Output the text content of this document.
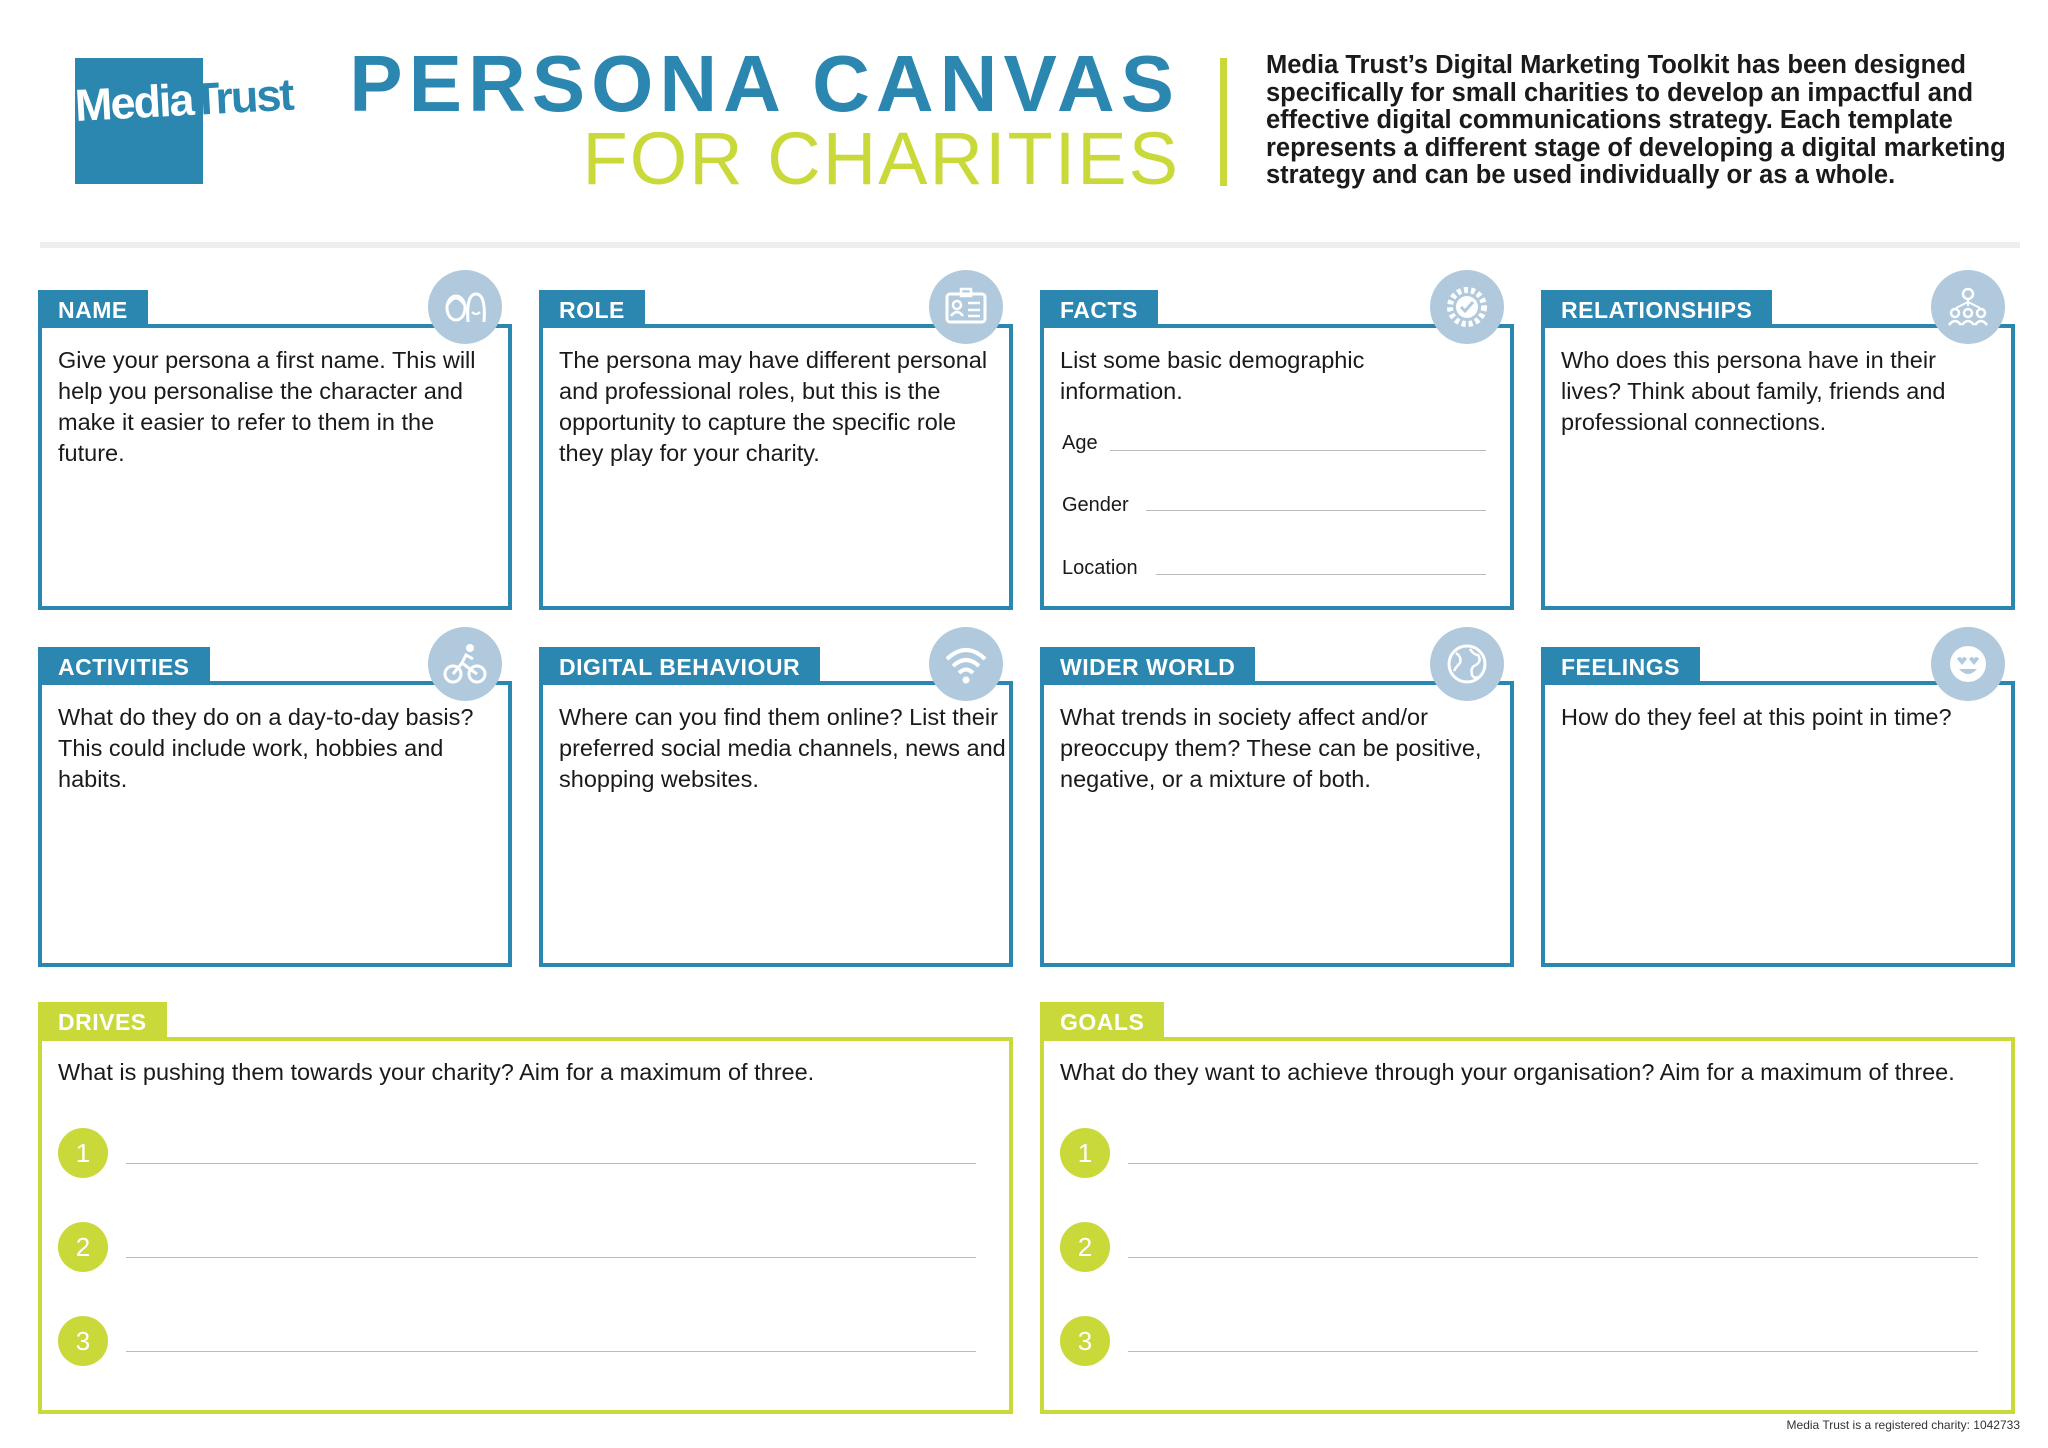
MediaTrust PERSONA CANVAS
FOR CHARITIES
Media Trust’s Digital Marketing Toolkit has been designed specifically for small charities to develop an impactful and effective digital communications strategy. Each template represents a different stage of developing a digital marketing strategy and can be used individually or as a whole.
NAME
Give your persona a first name. This will help you personalise the character and make it easier to refer to them in the future.
ROLE
The persona may have different personal and professional roles, but this is the opportunity to capture the specific role they play for your charity.
FACTS
List some basic demographic information.
Age
Gender
Location
RELATIONSHIPS
Who does this persona have in their lives? Think about family, friends and professional connections.
ACTIVITIES
What do they do on a day-to-day basis? This could include work, hobbies and habits.
DIGITAL BEHAVIOUR
Where can you find them online? List their preferred social media channels, news and shopping websites.
WIDER WORLD
What trends in society affect and/or preoccupy them? These can be positive, negative, or a mixture of both.
FEELINGS
How do they feel at this point in time?
DRIVES
What is pushing them towards your charity? Aim for a maximum of three.
1
2
3
GOALS
What do they want to achieve through your organisation? Aim for a maximum of three.
1
2
3
Media Trust is a registered charity: 1042733
